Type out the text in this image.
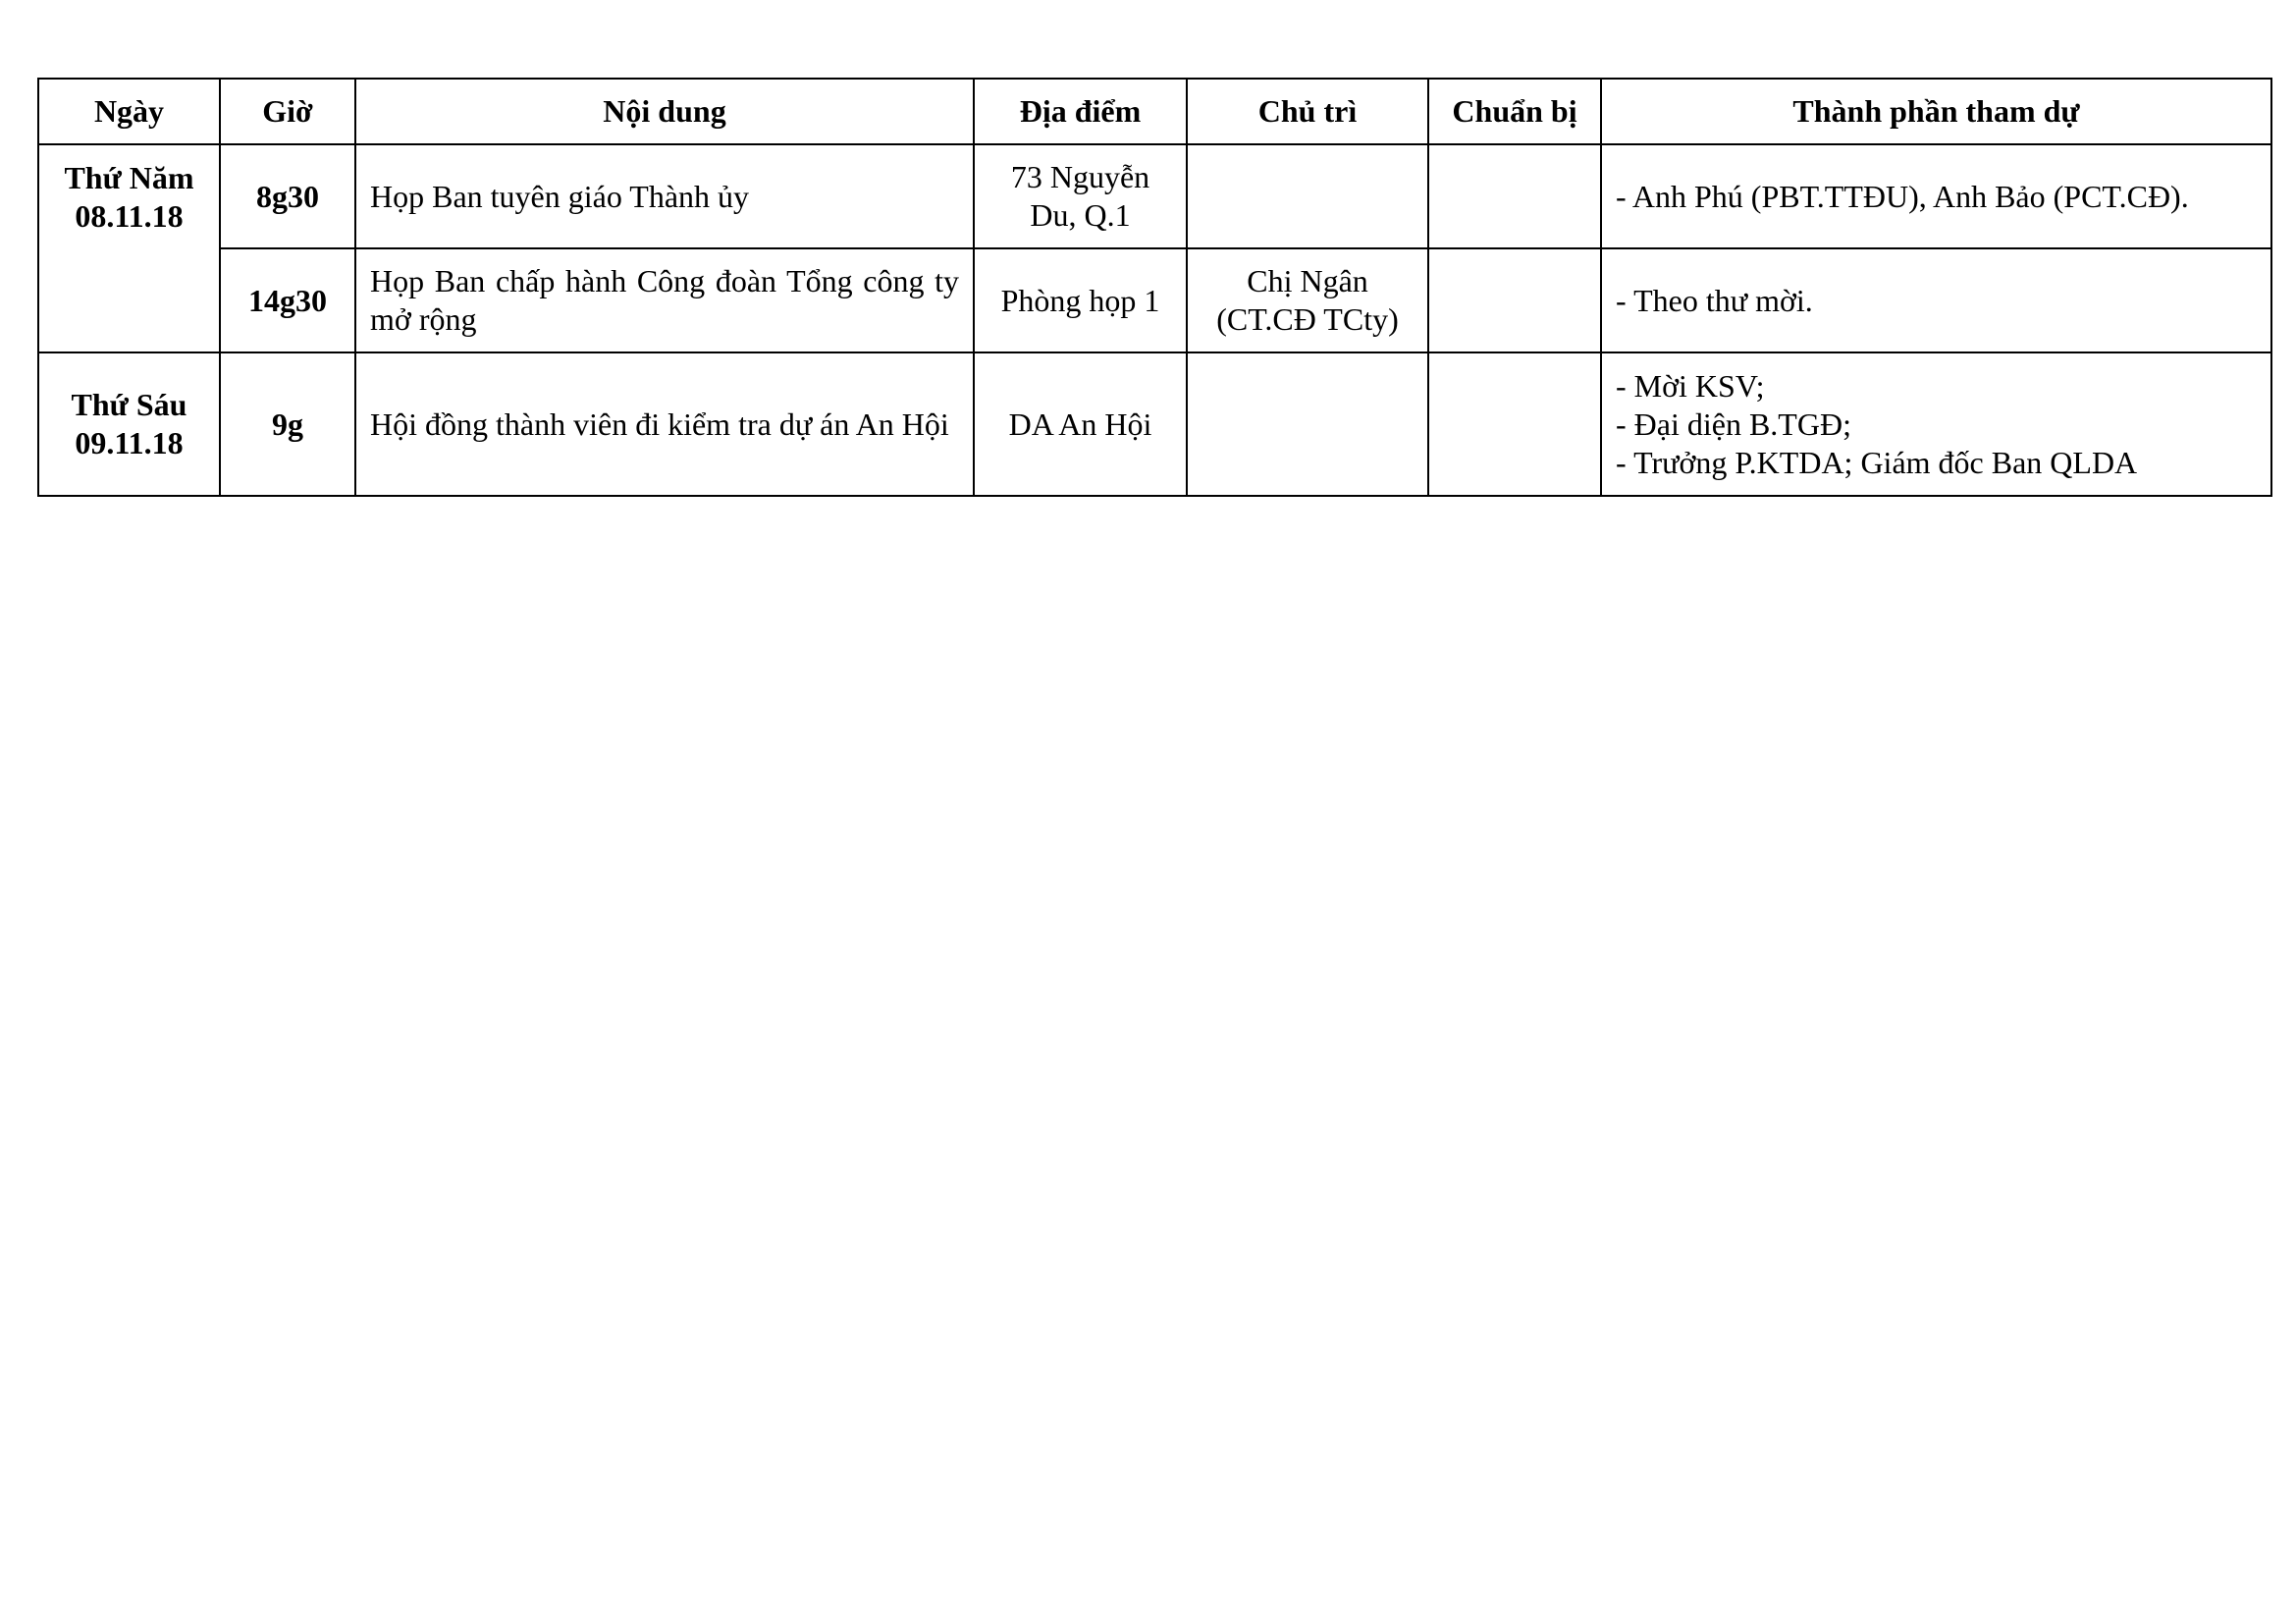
Ngày	Giờ	Nội dung	Địa điểm	Chủ trì	Chuẩn bị	Thành phần tham dự

Thứ Năm
08.11.18	8g30	Họp Ban tuyên giáo Thành ủy	73 Nguyễn Du, Q.1			- Anh Phú (PBT.TTĐU), Anh Bảo (PCT.CĐ).

	14g30	Họp Ban chấp hành Công đoàn Tổng công ty mở rộng	Phòng họp 1	Chị Ngân (CT.CĐ TCty)		- Theo thư mời.

Thứ Sáu
09.11.18	9g	Hội đồng thành viên đi kiểm tra dự án An Hội	DA An Hội			- Mời KSV;
- Đại diện B.TGĐ;
- Trưởng P.KTDA; Giám đốc Ban QLDA
